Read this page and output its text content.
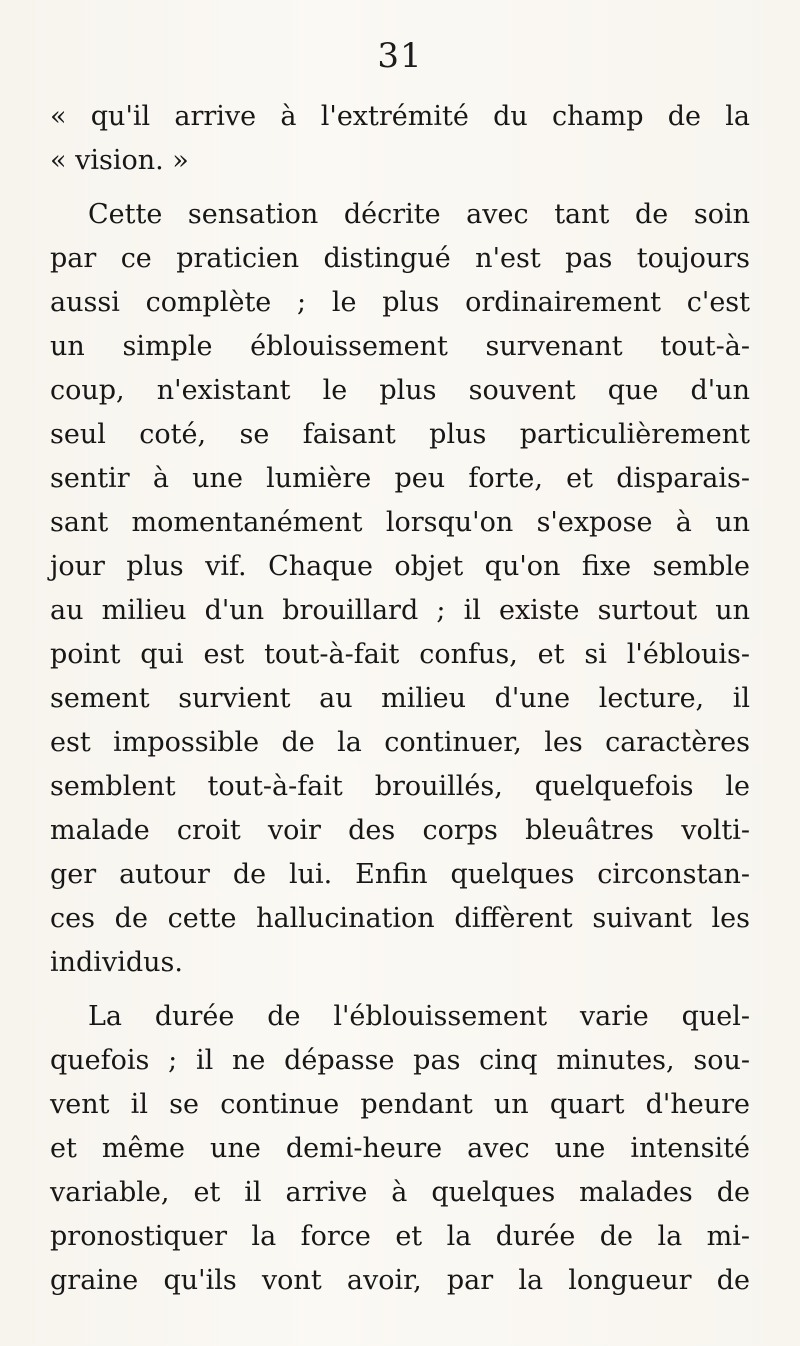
31
« qu'il arrive à l'extrémité du champ de la
« vision. »
Cette sensation décrite avec tant de soin
par ce praticien distingué n'est pas toujours
aussi complète ; le plus ordinairement c'est
un simple éblouissement survenant tout-à-
coup, n'existant le plus souvent que d'un
seul coté, se faisant plus particulièrement
sentir à une lumière peu forte, et disparais-
sant momentanément lorsqu'on s'expose à un
jour plus vif. Chaque objet qu'on fixe semble
au milieu d'un brouillard ; il existe surtout un
point qui est tout-à-fait confus, et si l'éblouis-
sement survient au milieu d'une lecture, il
est impossible de la continuer, les caractères
semblent tout-à-fait brouillés, quelquefois le
malade croit voir des corps bleuâtres volti-
ger autour de lui. Enfin quelques circonstan-
ces de cette hallucination diffèrent suivant les
individus.
La durée de l'éblouissement varie quel-
quefois ; il ne dépasse pas cinq minutes, sou-
vent il se continue pendant un quart d'heure
et même une demi-heure avec une intensité
variable, et il arrive à quelques malades de
pronostiquer la force et la durée de la mi-
graine qu'ils vont avoir, par la longueur de
